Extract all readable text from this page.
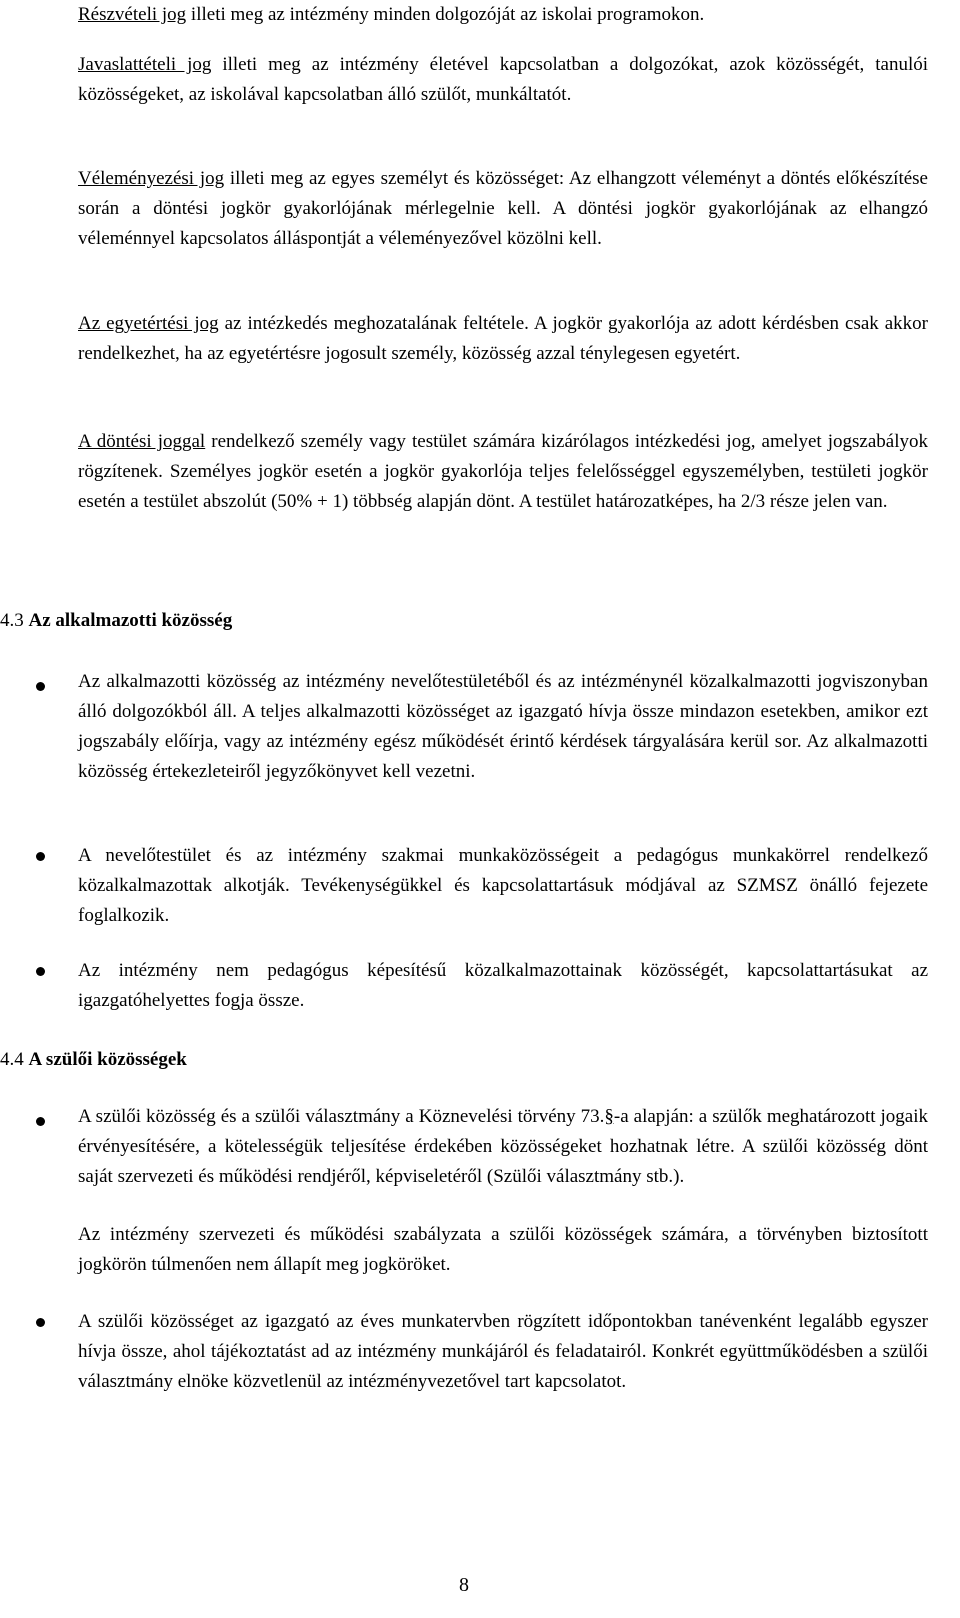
Részvételi jog illeti meg az intézmény minden dolgozóját az iskolai programokon.

Javaslattételi jog illeti meg az intézmény életével kapcsolatban a dolgozókat, azok közösségét, tanulói közösségeket, az iskolával kapcsolatban álló szülőt, munkáltatót.

Véleményezési jog illeti meg az egyes személyt és közösséget: Az elhangzott véleményt a döntés előkészítése során a döntési jogkör gyakorlójának mérlegelnie kell. A döntési jogkör gyakorlójának az elhangzó véleménnyel kapcsolatos álláspontját a véleményezővel közölni kell.

Az egyetértési jog az intézkedés meghozatalának feltétele. A jogkör gyakorlója az adott kérdésben csak akkor rendelkezhet, ha az egyetértésre jogosult személy, közösség azzal ténylegesen egyetért.

A döntési joggal rendelkező személy vagy testület számára kizárólagos intézkedési jog, amelyet jogszabályok rögzítenek. Személyes jogkör esetén a jogkör gyakorlója teljes felelősséggel egyszemélyben, testületi jogkör esetén a testület abszolút (50% + 1) többség alapján dönt. A testület határozatképes, ha 2/3 része jelen van.

4.3 Az alkalmazotti közösség

Az alkalmazotti közösség az intézmény nevelőtestületéből és az intézménynél közalkalmazotti jogviszonyban álló dolgozókból áll. A teljes alkalmazotti közösséget az igazgató hívja össze mindazon esetekben, amikor ezt jogszabály előírja, vagy az intézmény egész működését érintő kérdések tárgyalására kerül sor. Az alkalmazotti közösség értekezleteiről jegyzőkönyvet kell vezetni.

A nevelőtestület és az intézmény szakmai munkaközösségeit a pedagógus munkakörrel rendelkező közalkalmazottak alkotják. Tevékenységükkel és kapcsolattartásuk módjával az SZMSZ önálló fejezete foglalkozik.

Az intézmény nem pedagógus képesítésű közalkalmazottainak közösségét, kapcsolattartásukat az igazgatóhelyettes fogja össze.

4.4 A szülői közösségek

A szülői közösség és a szülői választmány a Köznevelési törvény 73.§-a alapján: a szülők meghatározott jogaik érvényesítésére, a kötelességük teljesítése érdekében közösségeket hozhatnak létre. A szülői közösség dönt saját szervezeti és működési rendjéről, képviseletéről (Szülői választmány stb.).

Az intézmény szervezeti és működési szabályzata a szülői közösségek számára, a törvényben biztosított jogkörön túlmenően nem állapít meg jogköröket.

A szülői közösséget az igazgató az éves munkatervben rögzített időpontokban tanévenként legalább egyszer hívja össze, ahol tájékoztatást ad az intézmény munkájáról és feladatairól. Konkrét együttműködésben a szülői választmány elnöke közvetlenül az intézményvezetővel tart kapcsolatot.

8
